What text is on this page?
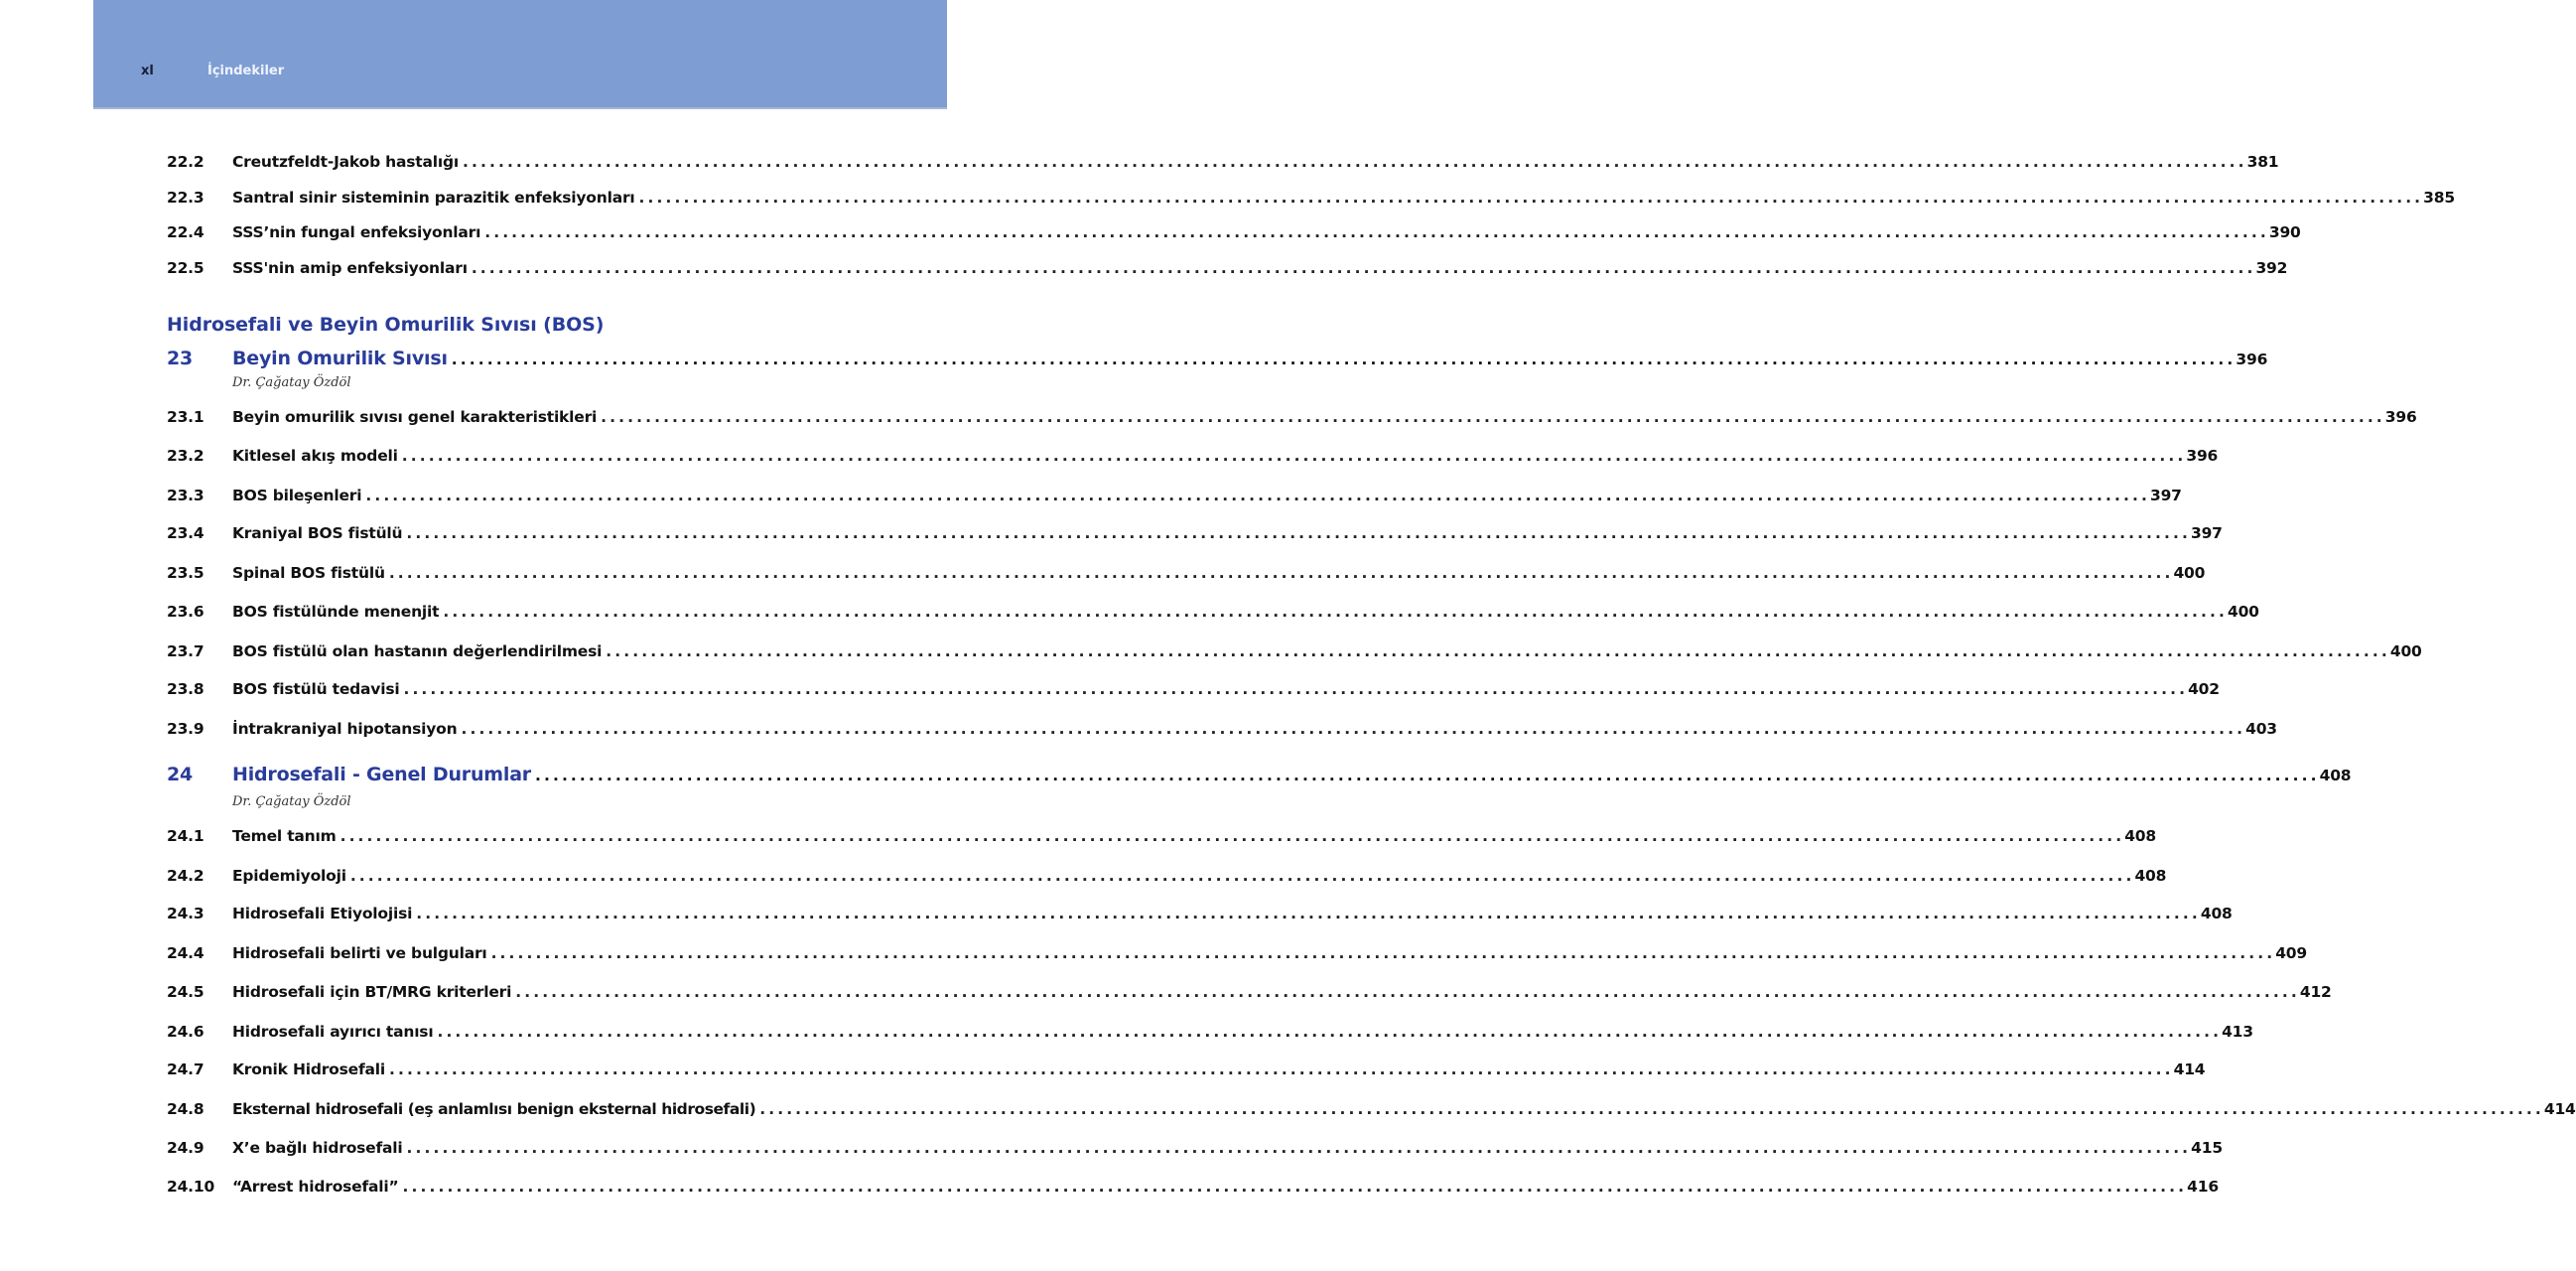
xl	İçindekiler
22.2	Creutzfeldt-Jakob hastalığı ........................................................................................................................................................................................................ 381
22.3	Santral sinir sisteminin parazitik enfeksiyonları ........................................................................................................................................................................................................ 385
22.4	SSS’nin fungal enfeksiyonları ........................................................................................................................................................................................................ 390
22.5	SSS'nin amip enfeksiyonları ........................................................................................................................................................................................................ 392
Hidrosefali ve Beyin Omurilik Sıvısı (BOS)
23	Beyin Omurilik Sıvısı ........................................................................................................................................................................................................ 396
Dr. Çağatay Özdöl
23.1	Beyin omurilik sıvısı genel karakteristikleri ........................................................................................................................................................................................................ 396
23.2	Kitlesel akış modeli ........................................................................................................................................................................................................ 396
23.3	BOS bileşenleri ........................................................................................................................................................................................................ 397
23.4	Kraniyal BOS fistülü ........................................................................................................................................................................................................ 397
23.5	Spinal BOS fistülü ........................................................................................................................................................................................................ 400
23.6	BOS fistülünde menenjit ........................................................................................................................................................................................................ 400
23.7	BOS fistülü olan hastanın değerlendirilmesi ........................................................................................................................................................................................................ 400
23.8	BOS fistülü tedavisi ........................................................................................................................................................................................................ 402
23.9	İntrakraniyal hipotansiyon ........................................................................................................................................................................................................ 403
24	Hidrosefali - Genel Durumlar ........................................................................................................................................................................................................ 408
Dr. Çağatay Özdöl
24.1	Temel tanım ........................................................................................................................................................................................................ 408
24.2	Epidemiyoloji ........................................................................................................................................................................................................ 408
24.3	Hidrosefali Etiyolojisi ........................................................................................................................................................................................................ 408
24.4	Hidrosefali belirti ve bulguları ........................................................................................................................................................................................................ 409
24.5	Hidrosefali için BT/MRG kriterleri ........................................................................................................................................................................................................ 412
24.6	Hidrosefali ayırıcı tanısı ........................................................................................................................................................................................................ 413
24.7	Kronik Hidrosefali ........................................................................................................................................................................................................ 414
24.8	Eksternal hidrosefali (eş anlamlısı benign eksternal hidrosefali) ........................................................................................................................................................................................................ 414
24.9	X’e bağlı hidrosefali ........................................................................................................................................................................................................ 415
24.10	“Arrest hidrosefali” ........................................................................................................................................................................................................ 416
